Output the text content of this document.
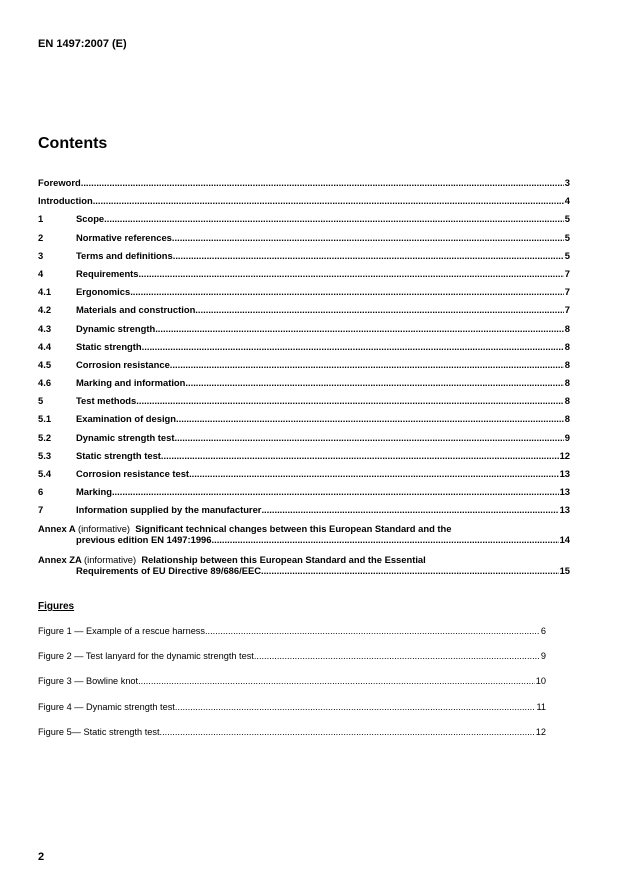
EN 1497:2007 (E)
Contents
Foreword .....	3
Introduction .....	4
1	Scope .....	5
2	Normative references .....	5
3	Terms and definitions .....	5
4	Requirements .....	7
4.1	Ergonomics .....	7
4.2	Materials and construction .....	7
4.3	Dynamic strength .....	8
4.4	Static strength .....	8
4.5	Corrosion resistance .....	8
4.6	Marking and information .....	8
5	Test methods .....	8
5.1	Examination of design .....	8
5.2	Dynamic strength test .....	9
5.3	Static strength test .....	12
5.4	Corrosion resistance test .....	13
6	Marking .....	13
7	Information supplied by the manufacturer .....	13
Annex A (informative) Significant technical changes between this European Standard and the
previous edition EN 1497:1996 .....	14
Annex ZA (informative) Relationship between this European Standard and the Essential
Requirements of EU Directive 89/686/EEC .....	15
Figures
Figure 1 — Example of a rescue harness .....	6
Figure 2 — Test lanyard for the dynamic strength test .....	9
Figure 3 — Bowline knot .....	10
Figure 4 — Dynamic strength test .....	11
Figure 5— Static strength test .....	12
2
